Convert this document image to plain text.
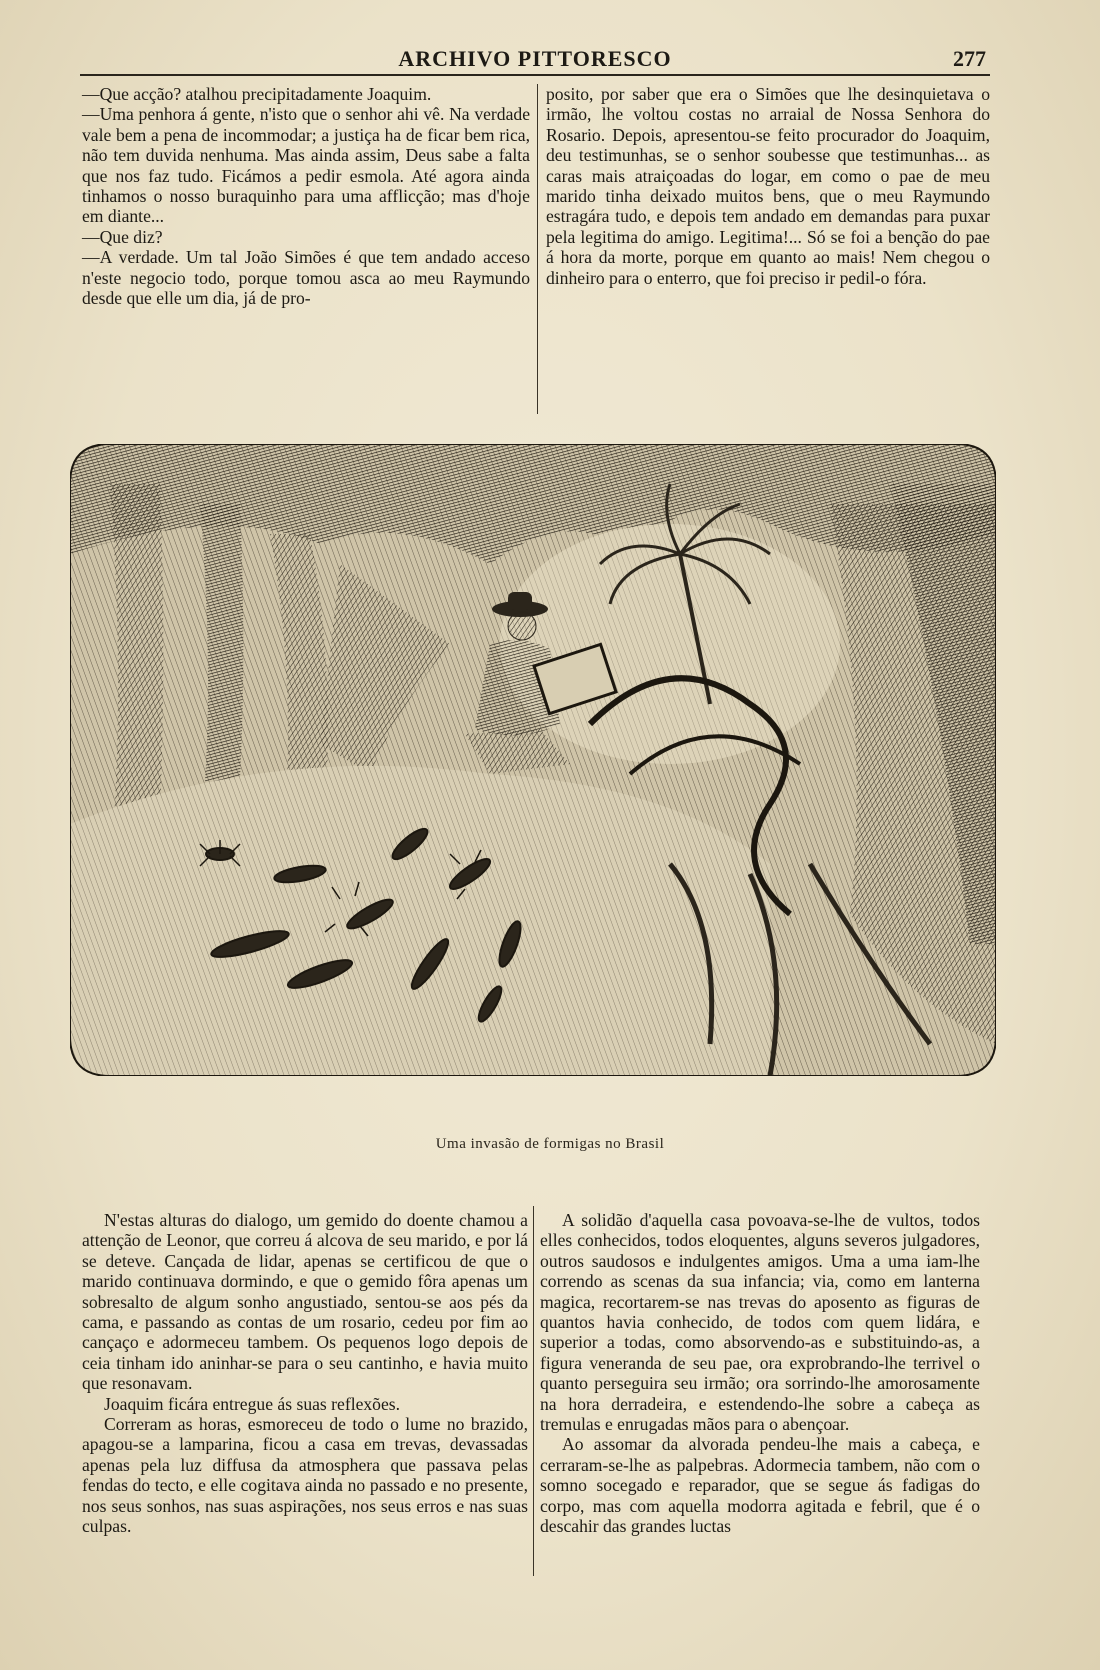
ARCHIVO PITTORESCO	277

—Que acção? atalhou precipitadamente Joaquim.

—Uma penhora á gente, n'isto que o senhor ahi vê. Na verdade vale bem a pena de incommodar; a justiça ha de ficar bem rica, não tem duvida nenhuma. Mas ainda assim, Deus sabe a falta que nos faz tudo. Ficámos a pedir esmola. Até agora ainda tinhamos o nosso buraquinho para uma afflicção; mas d'hoje em diante...

—Que diz?

—A verdade. Um tal João Simões é que tem andado acceso n'este negocio todo, porque tomou asca ao meu Raymundo desde que elle um dia, já de pro-

posito, por saber que era o Simões que lhe desinquietava o irmão, lhe voltou costas no arraial de Nossa Senhora do Rosario. Depois, apresentou-se feito procurador do Joaquim, deu testimunhas, se o senhor soubesse que testimunhas... as caras mais atraiçoadas do logar, em como o pae de meu marido tinha deixado muitos bens, que o meu Raymundo estragára tudo, e depois tem andado em demandas para puxar pela legitima do amigo. Legitima!... Só se foi a benção do pae á hora da morte, porque em quanto ao mais! Nem chegou o dinheiro para o enterro, que foi preciso ir pedil-o fóra.

Uma invasão de formigas no Brasil

N'estas alturas do dialogo, um gemido do doente chamou a attenção de Leonor, que correu á alcova de seu marido, e por lá se deteve. Cançada de lidar, apenas se certificou de que o marido continuava dormindo, e que o gemido fôra apenas um sobresalto de algum sonho angustiado, sentou-se aos pés da cama, e passando as contas de um rosario, cedeu por fim ao cançaço e adormeceu tambem. Os pequenos logo depois de ceia tinham ido aninhar-se para o seu cantinho, e havia muito que resonavam.

Joaquim ficára entregue ás suas reflexões.

Correram as horas, esmoreceu de todo o lume no brazido, apagou-se a lamparina, ficou a casa em trevas, devassadas apenas pela luz diffusa da atmosphera que passava pelas fendas do tecto, e elle cogitava ainda no passado e no presente, nos seus sonhos, nas suas aspirações, nos seus erros e nas suas culpas.

A solidão d'aquella casa povoava-se-lhe de vultos, todos elles conhecidos, todos eloquentes, alguns severos julgadores, outros saudosos e indulgentes amigos. Uma a uma iam-lhe correndo as scenas da sua infancia; via, como em lanterna magica, recortarem-se nas trevas do aposento as figuras de quantos havia conhecido, de todos com quem lidára, e superior a todas, como absorvendo-as e substituindo-as, a figura veneranda de seu pae, ora exprobrando-lhe terrivel o quanto perseguira seu irmão; ora sorrindo-lhe amorosamente na hora derradeira, e estendendo-lhe sobre a cabeça as tremulas e enrugadas mãos para o abençoar.

Ao assomar da alvorada pendeu-lhe mais a cabeça, e cerraram-se-lhe as palpebras. Adormecia tambem, não com o somno socegado e reparador, que se segue ás fadigas do corpo, mas com aquella modorra agitada e febril, que é o descahir das grandes luctas
